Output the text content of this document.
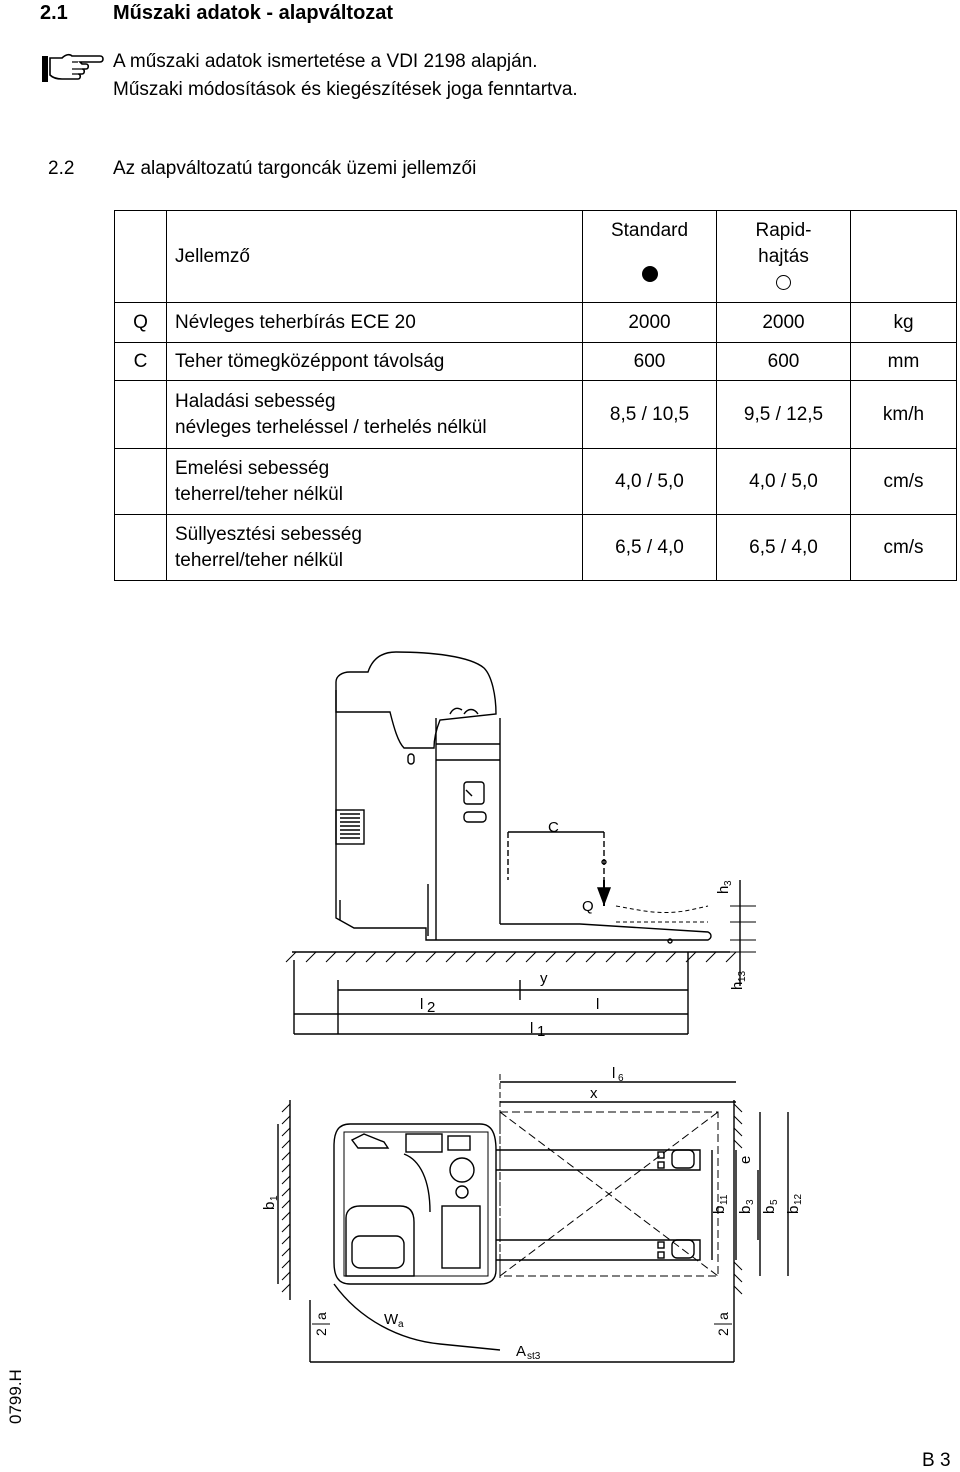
2.1 Műszaki adatok - alapváltozat
A műszaki adatok ismertetése a VDI 2198 alapján.
Műszaki módosítások és kiegészítések joga fenntartva.
2.2 Az alapváltozatú targoncák üzemi jellemzői
	Jellemző	Standard	Rapid-
hajtás	

Q	Névleges teherbírás ECE 20	2000	2000	kg
C	Teher tömegközéppont távolság	600	600	mm

	Haladási sebesség
névleges terheléssel / terhelés nélkül	8,5 / 10,5	9,5 / 12,5	km/h

	Emelési sebesség
teherrel/teher nélkül	4,0 / 5,0	4,0 / 5,0	cm/s

	Süllyesztési sebesség
teherrel/teher nélkül	6,5 / 4,0	6,5 / 4,0	cm/s
C
Q
y
l 2	l
l 1
h
3
h
13
l 6
x
b
1
e
b
11
b
3
b
5
b
12
2
a
2
a
W a
A st3
0799.H
B 3
